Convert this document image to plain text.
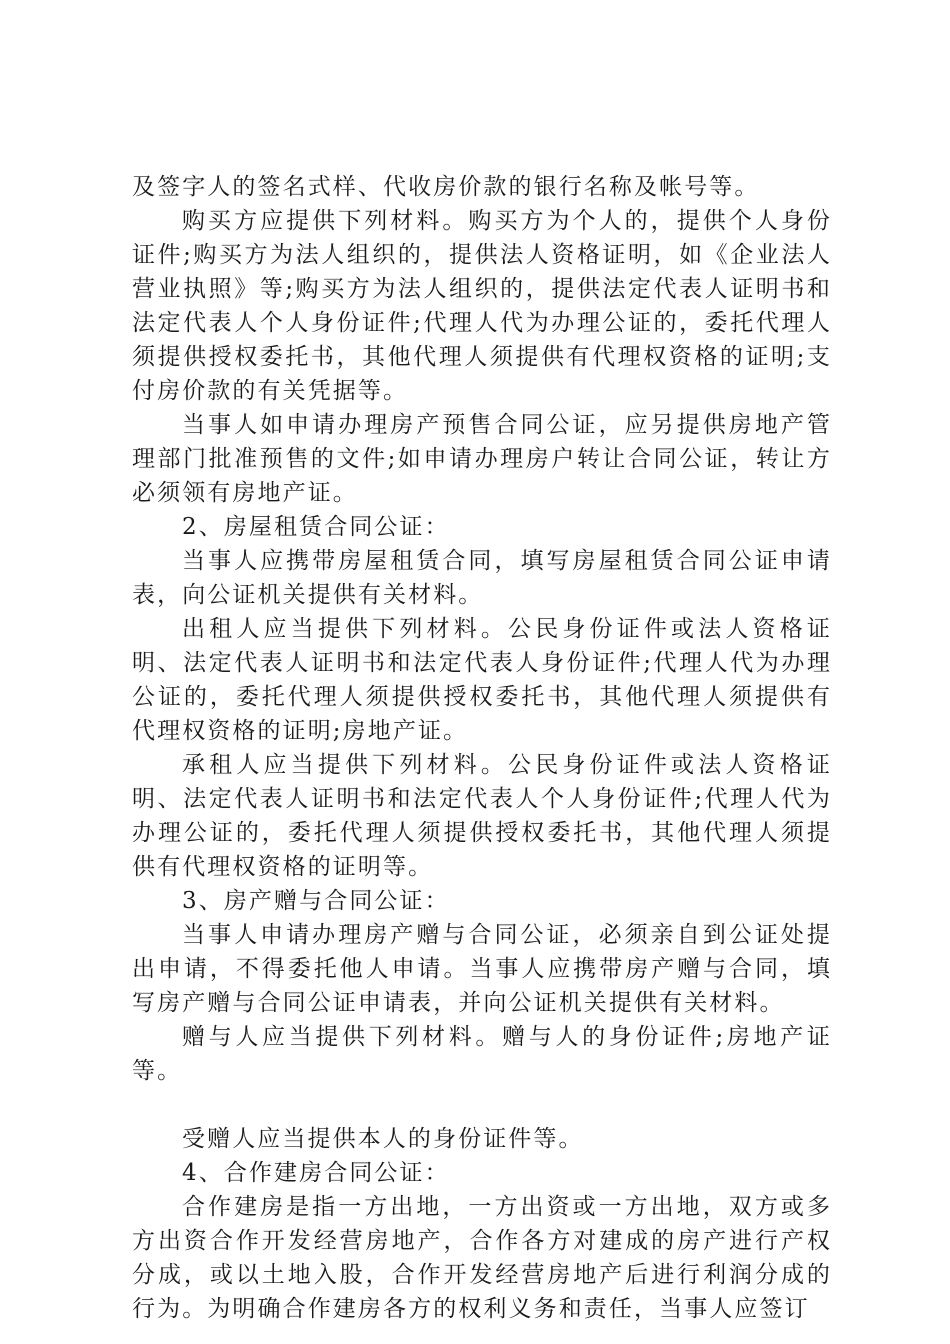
及签字人的签名式样、代收房价款的银行名称及帐号等。

购买方应提供下列材料。购买方为个人的，提供个人身份证件;购买方为法人组织的，提供法人资格证明，如《企业法人营业执照》等;购买方为法人组织的，提供法定代表人证明书和法定代表人个人身份证件;代理人代为办理公证的，委托代理人须提供授权委托书，其他代理人须提供有代理权资格的证明;支付房价款的有关凭据等。

当事人如申请办理房产预售合同公证，应另提供房地产管理部门批准预售的文件;如申请办理房户转让合同公证，转让方必须领有房地产证。

2、房屋租赁合同公证：

当事人应携带房屋租赁合同，填写房屋租赁合同公证申请表，向公证机关提供有关材料。

出租人应当提供下列材料。公民身份证件或法人资格证明、法定代表人证明书和法定代表人身份证件;代理人代为办理公证的，委托代理人须提供授权委托书，其他代理人须提供有代理权资格的证明;房地产证。

承租人应当提供下列材料。公民身份证件或法人资格证明、法定代表人证明书和法定代表人个人身份证件;代理人代为办理公证的，委托代理人须提供授权委托书，其他代理人须提供有代理权资格的证明等。

3、房产赠与合同公证：

当事人申请办理房产赠与合同公证，必须亲自到公证处提出申请，不得委托他人申请。当事人应携带房产赠与合同，填写房产赠与合同公证申请表，并向公证机关提供有关材料。

赠与人应当提供下列材料。赠与人的身份证件;房地产证等。

受赠人应当提供本人的身份证件等。

4、合作建房合同公证：

合作建房是指一方出地，一方出资或一方出地，双方或多方出资合作开发经营房地产，合作各方对建成的房产进行产权分成，或以土地入股，合作开发经营房地产后进行利润分成的行为。为明确合作建房各方的权利义务和责任，当事人应签订
